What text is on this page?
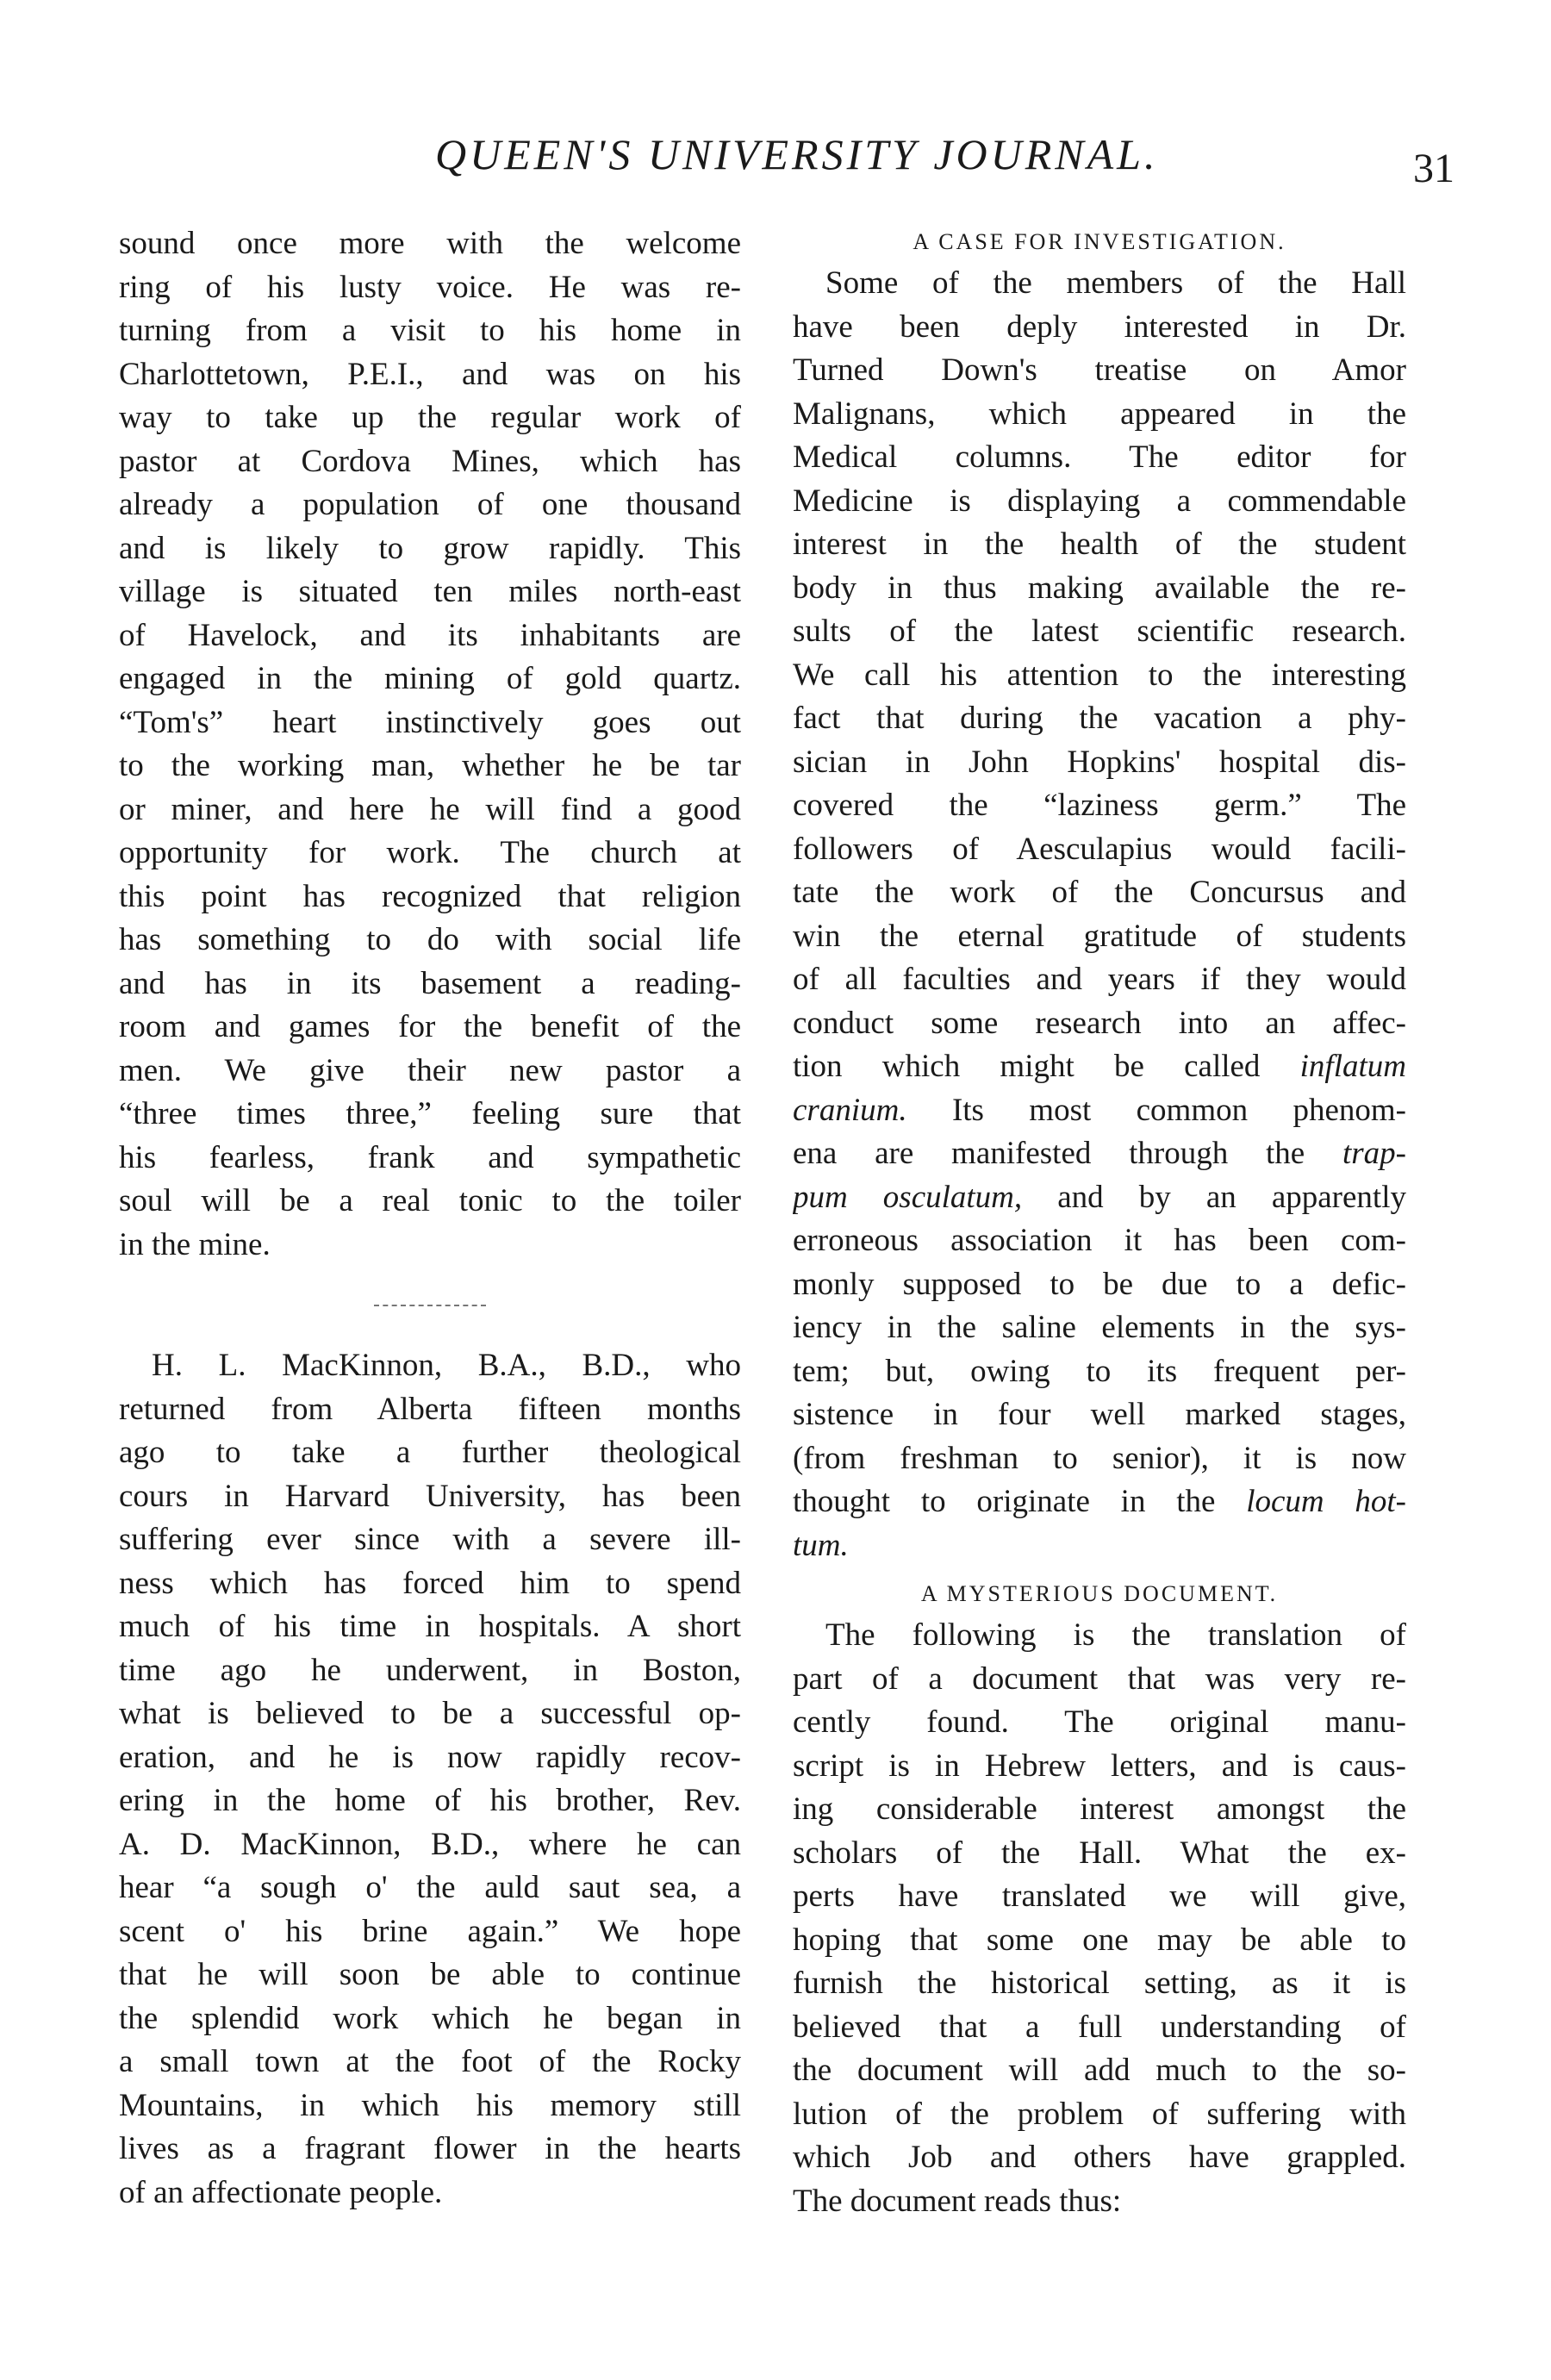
QUEEN'S UNIVERSITY JOURNAL.	31
sound once more with the welcome
ring of his lusty voice. He was re-
turning from a visit to his home in
Charlottetown, P.E.I., and was on his
way to take up the regular work of
pastor at Cordova Mines, which has
already a population of one thousand
and is likely to grow rapidly. This
village is situated ten miles north-east
of Havelock, and its inhabitants are
engaged in the mining of gold quartz.
“Tom's” heart instinctively goes out
to the working man, whether he be tar
or miner, and here he will find a good
opportunity for work. The church at
this point has recognized that religion
has something to do with social life
and has in its basement a reading-
room and games for the benefit of the
men. We give their new pastor a
“three times three,” feeling sure that
his fearless, frank and sympathetic
soul will be a real tonic to the toiler
in the mine.
H. L. MacKinnon, B.A., B.D., who
returned from Alberta fifteen months
ago to take a further theological
cours in Harvard University, has been
suffering ever since with a severe ill-
ness which has forced him to spend
much of his time in hospitals. A short
time ago he underwent, in Boston,
what is believed to be a successful op-
eration, and he is now rapidly recov-
ering in the home of his brother, Rev.
A. D. MacKinnon, B.D., where he can
hear “a sough o' the auld saut sea, a
scent o' his brine again.” We hope
that he will soon be able to continue
the splendid work which he began in
a small town at the foot of the Rocky
Mountains, in which his memory still
lives as a fragrant flower in the hearts
of an affectionate people.
A CASE FOR INVESTIGATION.
Some of the members of the Hall
have been deply interested in Dr.
Turned Down's treatise on Amor
Malignans, which appeared in the
Medical columns. The editor for
Medicine is displaying a commendable
interest in the health of the student
body in thus making available the re-
sults of the latest scientific research.
We call his attention to the interesting
fact that during the vacation a phy-
sician in John Hopkins' hospital dis-
covered the “laziness germ.” The
followers of Aesculapius would facili-
tate the work of the Concursus and
win the eternal gratitude of students
of all faculties and years if they would
conduct some research into an affec-
tion which might be called inflatum
cranium. Its most common phenom-
ena are manifested through the trap-
pum osculatum, and by an apparently
erroneous association it has been com-
monly supposed to be due to a defic-
iency in the saline elements in the sys-
tem; but, owing to its frequent per-
sistence in four well marked stages,
(from freshman to senior), it is now
thought to originate in the locum hot-
tum.
A MYSTERIOUS DOCUMENT.
The following is the translation of
part of a document that was very re-
cently found. The original manu-
script is in Hebrew letters, and is caus-
ing considerable interest amongst the
scholars of the Hall. What the ex-
perts have translated we will give,
hoping that some one may be able to
furnish the historical setting, as it is
believed that a full understanding of
the document will add much to the so-
lution of the problem of suffering with
which Job and others have grappled.
The document reads thus:
